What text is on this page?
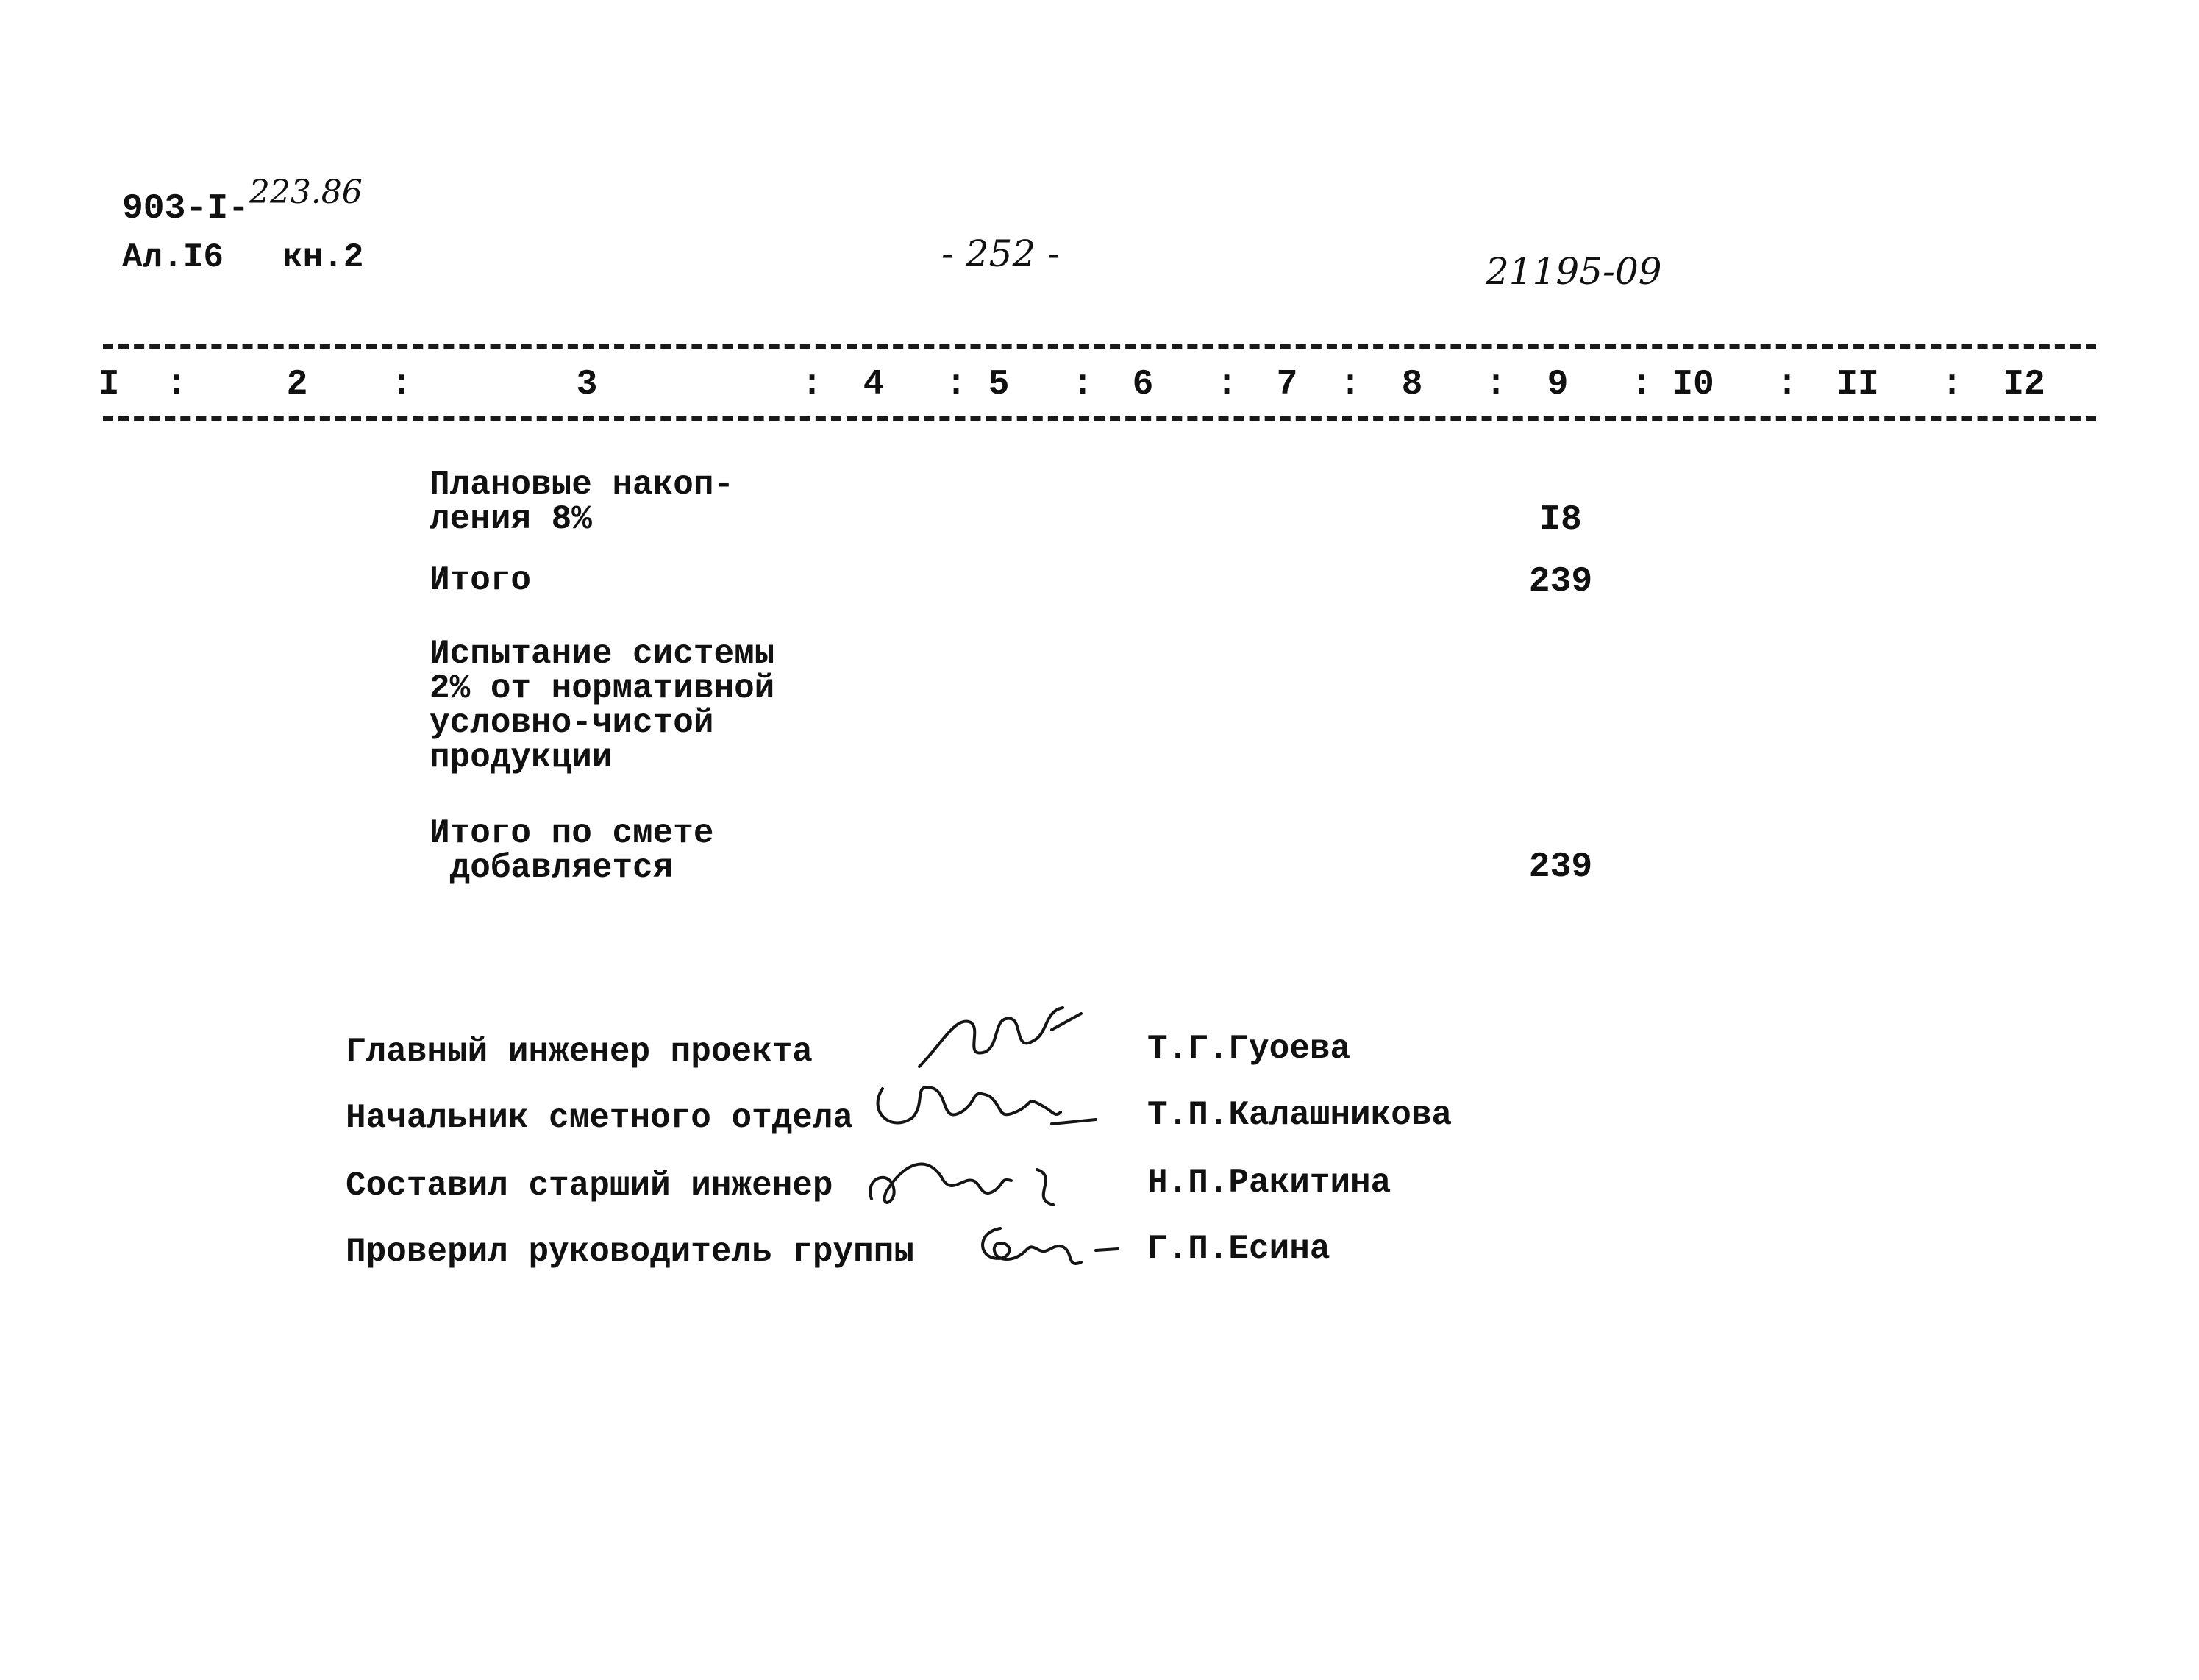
903-I-223.86
Ал.I6 кн.2	- 252 -	21195-09
I :	2 :	3	: 4 : 5 : 6 : 7 : 8 : 9 : I0 : II : I2
Плановые накоп-
ления 8%	I8
Итого	239
Испытание системы
2% от нормативной
условно-чистой
продукции
Итого по смете
добавляется	239
Главный инженер проекта	Т.Г.Гуоева
Начальник сметного отдела	Т.П.Калашникова
Составил старший инженер	Н.П.Ракитина
Проверил руководитель группы	Г.П.Есина
